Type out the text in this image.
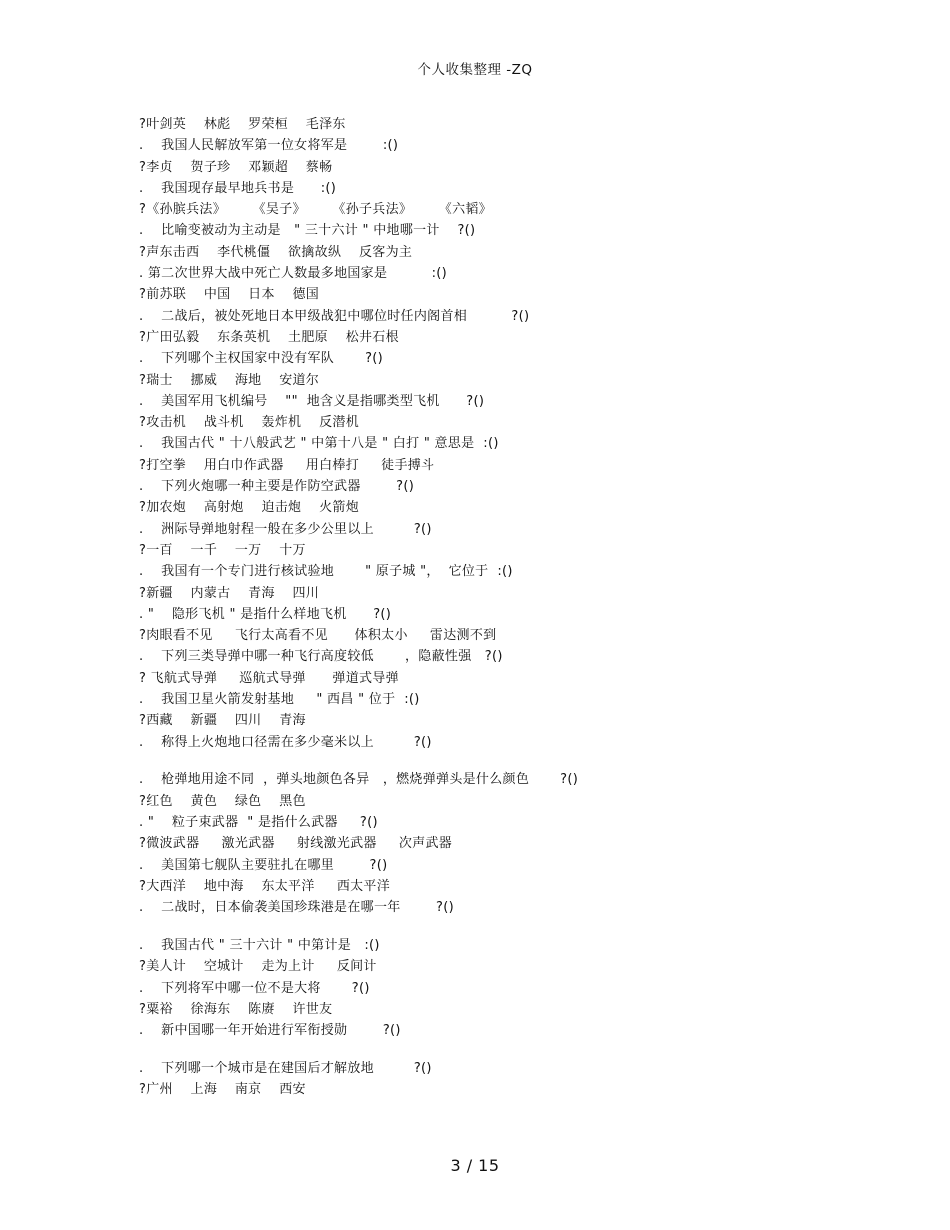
个人收集整理 -ZQ
?叶剑英    林彪    罗荣桓    毛泽东
.    我国人民解放军第一位女将军是        :()
?李贞    贺子珍    邓颖超    蔡畅
.    我国现存最早地兵书是      :()
?《孙膑兵法》      《吴子》      《孙子兵法》      《六韬》
.    比喻变被动为主动是   " 三十六计 " 中地哪一计    ?()
?声东击西    李代桃僵    欲擒故纵    反客为主
. 第二次世界大战中死亡人数最多地国家是          :()
?前苏联    中国    日本    德国
.    二战后，被处死地日本甲级战犯中哪位时任内阁首相          ?()
?广田弘毅    东条英机    土肥原    松井石根
.    下列哪个主权国家中没有军队       ?()
?瑞士    挪威    海地    安道尔
.    美国军用飞机编号    ""  地含义是指哪类型飞机      ?()
?攻击机    战斗机    轰炸机    反潜机
.    我国古代 " 十八般武艺 " 中第十八是 " 白打 " 意思是  :()
?打空拳    用白巾作武器     用白棒打     徒手搏斗
.    下列火炮哪一种主要是作防空武器        ?()
?加农炮    高射炮    迫击炮    火箭炮
.    洲际导弹地射程一般在多少公里以上         ?()
?一百    一千    一万    十万
.    我国有一个专门进行核试验地       " 原子城 "，  它位于  :()
?新疆    内蒙古    青海    四川
. "    隐形飞机 " 是指什么样地飞机      ?()
?肉眼看不见     飞行太高看不见      体积太小     雷达测不到
.    下列三类导弹中哪一种飞行高度较低       ，隐蔽性强   ?()
? 飞航式导弹     巡航式导弹      弹道式导弹
.    我国卫星火箭发射基地     " 西昌 " 位于  :()
?西藏    新疆    四川    青海
.    称得上火炮地口径需在多少毫米以上         ?()
.    枪弹地用途不同  ，弹头地颜色各异   ，燃烧弹弹头是什么颜色       ?()
?红色    黄色    绿色    黑色
. "    粒子束武器  " 是指什么武器     ?()
?微波武器     激光武器     射线激光武器     次声武器
.    美国第七舰队主要驻扎在哪里        ?()
?大西洋    地中海    东太平洋     西太平洋
.    二战时，日本偷袭美国珍珠港是在哪一年        ?()
.    我国古代 " 三十六计 " 中第计是   :()
?美人计    空城计    走为上计     反间计
.    下列将军中哪一位不是大将       ?()
?粟裕    徐海东    陈赓    许世友
.    新中国哪一年开始进行军衔授勋        ?()
.    下列哪一个城市是在建国后才解放地         ?()
?广州    上海    南京    西安
3 / 15
